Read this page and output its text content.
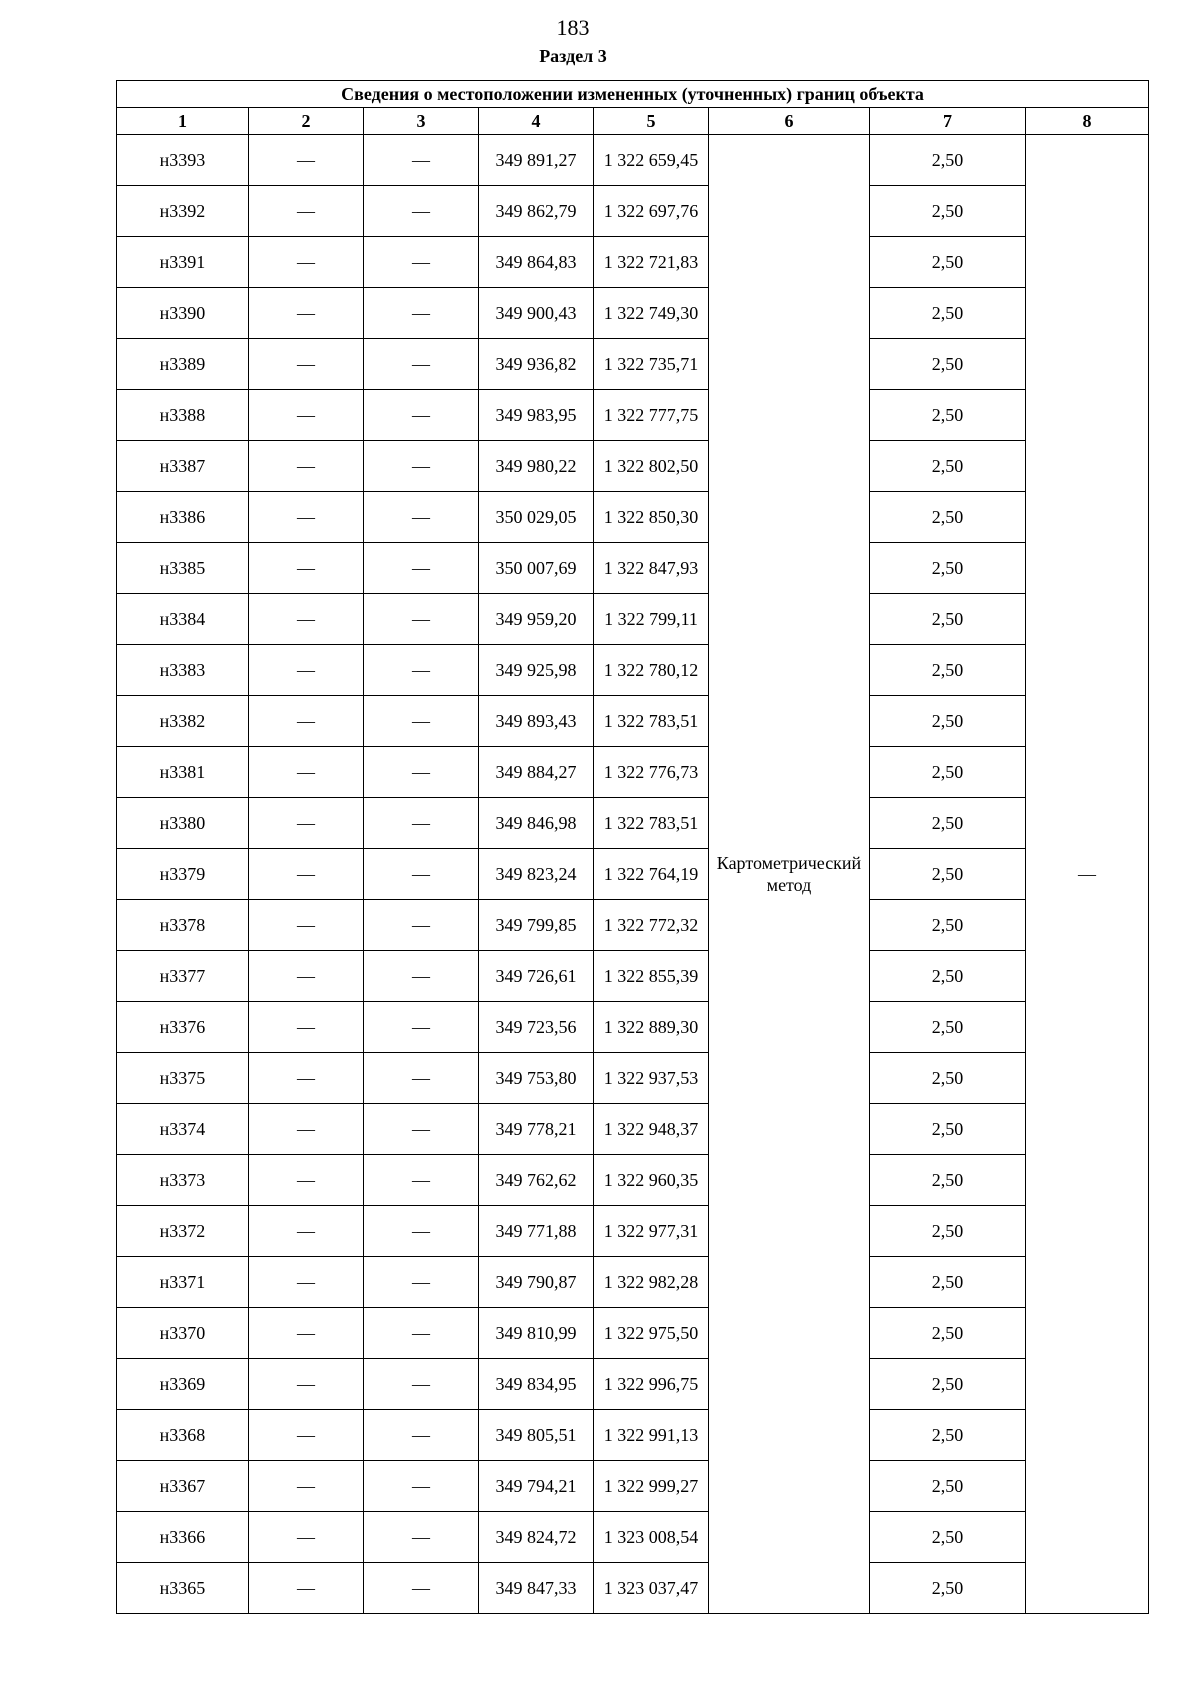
183
Раздел 3
Сведения о местоположении измененных (уточненных) границ объекта							
1	2	3	4	5	6	7	8
н3393	—	—	349 891,27	1 322 659,45	Картометрический метод	2,50	—
н3392	—	—	349 862,79	1 322 697,76		2,50	
н3391	—	—	349 864,83	1 322 721,83		2,50	
н3390	—	—	349 900,43	1 322 749,30		2,50	
н3389	—	—	349 936,82	1 322 735,71		2,50	
н3388	—	—	349 983,95	1 322 777,75		2,50	
н3387	—	—	349 980,22	1 322 802,50		2,50	
н3386	—	—	350 029,05	1 322 850,30		2,50	
н3385	—	—	350 007,69	1 322 847,93		2,50	
н3384	—	—	349 959,20	1 322 799,11		2,50	
н3383	—	—	349 925,98	1 322 780,12		2,50	
н3382	—	—	349 893,43	1 322 783,51		2,50	
н3381	—	—	349 884,27	1 322 776,73		2,50	
н3380	—	—	349 846,98	1 322 783,51		2,50	
н3379	—	—	349 823,24	1 322 764,19		2,50	
н3378	—	—	349 799,85	1 322 772,32		2,50	
н3377	—	—	349 726,61	1 322 855,39		2,50	
н3376	—	—	349 723,56	1 322 889,30		2,50	
н3375	—	—	349 753,80	1 322 937,53		2,50	
н3374	—	—	349 778,21	1 322 948,37		2,50	
н3373	—	—	349 762,62	1 322 960,35		2,50	
н3372	—	—	349 771,88	1 322 977,31		2,50	
н3371	—	—	349 790,87	1 322 982,28		2,50	
н3370	—	—	349 810,99	1 322 975,50		2,50	
н3369	—	—	349 834,95	1 322 996,75		2,50	
н3368	—	—	349 805,51	1 322 991,13		2,50	
н3367	—	—	349 794,21	1 322 999,27		2,50	
н3366	—	—	349 824,72	1 323 008,54		2,50	
н3365	—	—	349 847,33	1 323 037,47		2,50	
